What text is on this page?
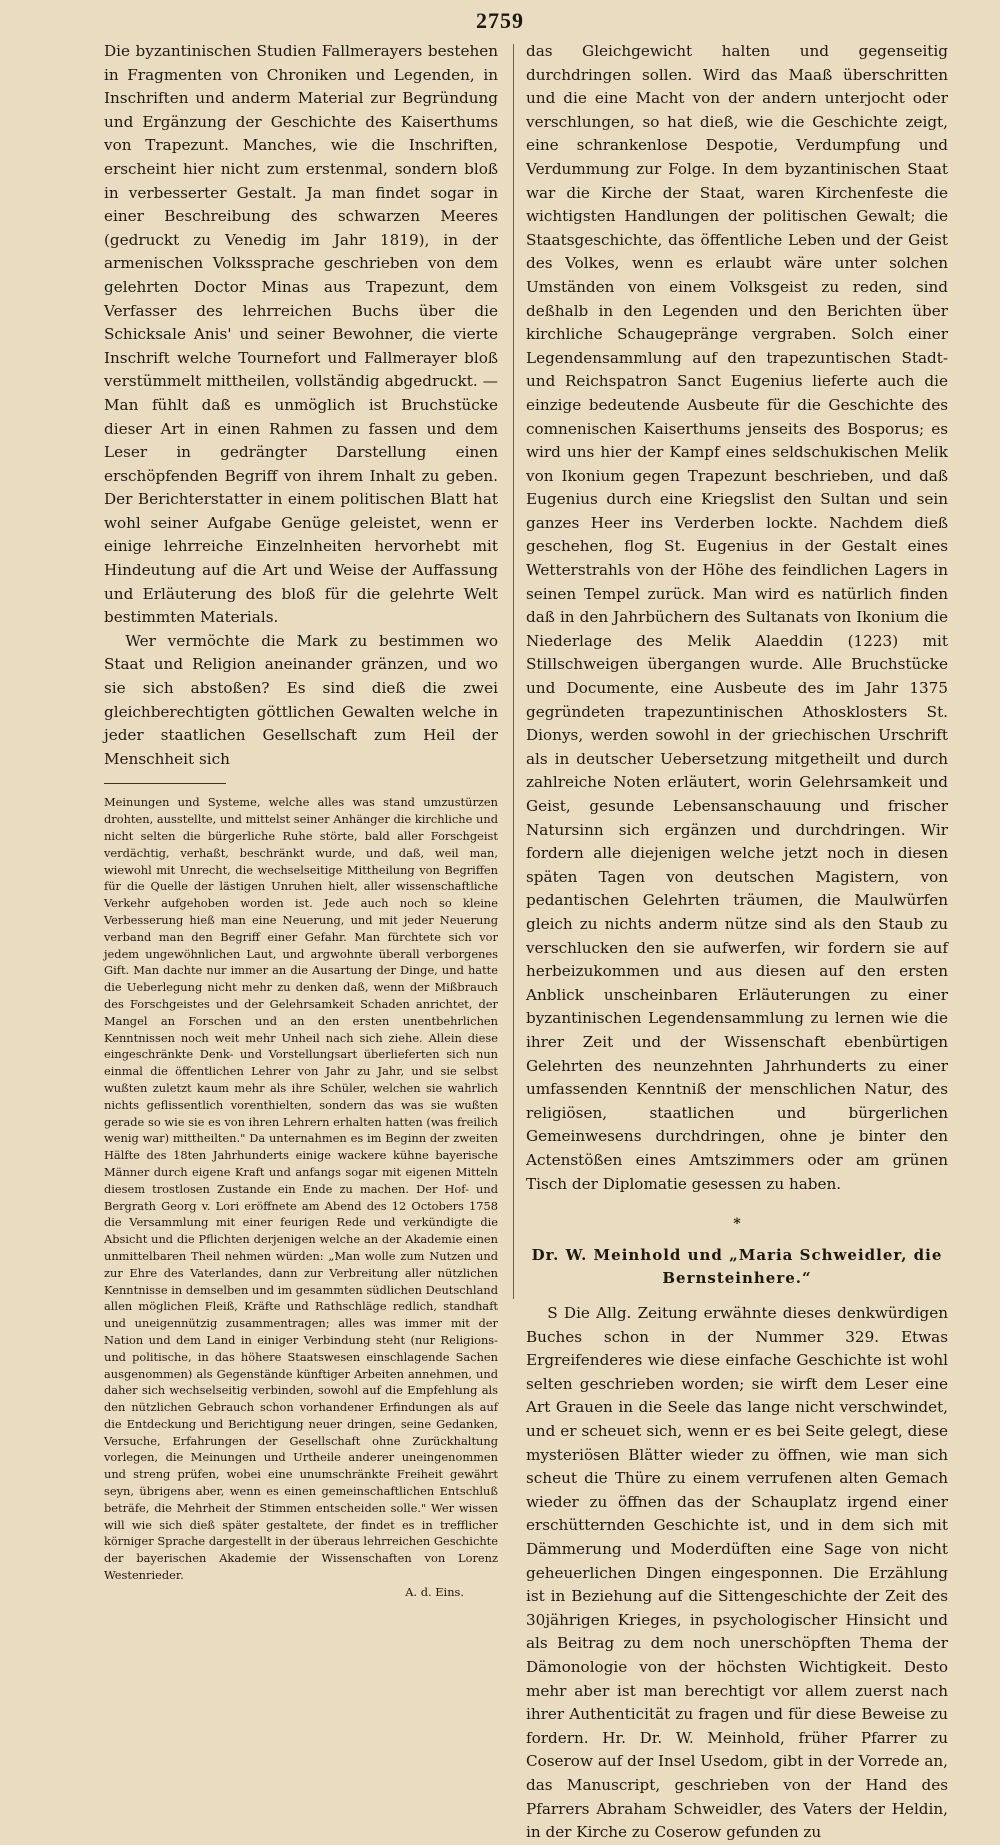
2759

Die byzantinischen Studien Fallmerayers bestehen in Fragmenten von Chroniken und Legenden, in Inschriften und anderm Material zur Begründung und Ergänzung der Geschichte des Kaiserthums von Trapezunt. Manches, wie die Inschriften, erscheint hier nicht zum erstenmal, sondern bloß in verbesserter Gestalt. Ja man findet sogar in einer Beschreibung des schwarzen Meeres (gedruckt zu Venedig im Jahr 1819), in der armenischen Volkssprache geschrieben von dem gelehrten Doctor Minas aus Trapezunt, dem Verfasser des lehrreichen Buchs über die Schicksale Anis' und seiner Bewohner, die vierte Inschrift welche Tournefort und Fallmerayer bloß verstümmelt mittheilen, vollständig abgedruckt. — Man fühlt daß es unmöglich ist Bruchstücke dieser Art in einen Rahmen zu fassen und dem Leser in gedrängter Darstellung einen erschöpfenden Begriff von ihrem Inhalt zu geben. Der Berichterstatter in einem politischen Blatt hat wohl seiner Aufgabe Genüge geleistet, wenn er einige lehrreiche Einzelnheiten hervorhebt mit Hindeutung auf die Art und Weise der Auffassung und Erläuterung des bloß für die gelehrte Welt bestimmten Materials.

Wer vermöchte die Mark zu bestimmen wo Staat und Religion aneinander gränzen, und wo sie sich abstoßen? Es sind dieß die zwei gleichberechtigten göttlichen Gewalten welche in jeder staatlichen Gesellschaft zum Heil der Menschheit sich

Meinungen und Systeme, welche alles was stand umzustürzen drohten, ausstellte, und mittelst seiner Anhänger die kirchliche und nicht selten die bürgerliche Ruhe störte, bald aller Forschgeist verdächtig, verhaßt, beschränkt wurde, und daß, weil man, wiewohl mit Unrecht, die wechselseitige Mittheilung von Begriffen für die Quelle der lästigen Unruhen hielt, aller wissenschaftliche Verkehr aufgehoben worden ist. Jede auch noch so kleine Verbesserung hieß man eine Neuerung, und mit jeder Neuerung verband man den Begriff einer Gefahr. Man fürchtete sich vor jedem ungewöhnlichen Laut, und argwohnte überall verborgenes Gift. Man dachte nur immer an die Ausartung der Dinge, und hatte die Ueberlegung nicht mehr zu denken daß, wenn der Mißbrauch des Forschgeistes und der Gelehrsamkeit Schaden anrichtet, der Mangel an Forschen und an den ersten unentbehrlichen Kenntnissen noch weit mehr Unheil nach sich ziehe. Allein diese eingeschränkte Denk- und Vorstellungsart überlieferten sich nun einmal die öffentlichen Lehrer von Jahr zu Jahr, und sie selbst wußten zuletzt kaum mehr als ihre Schüler, welchen sie wahrlich nichts geflissentlich vorenthielten, sondern das was sie wußten gerade so wie sie es von ihren Lehrern erhalten hatten (was freilich wenig war) mittheilten." Da unternahmen es im Beginn der zweiten Hälfte des 18ten Jahrhunderts einige wackere kühne bayerische Männer durch eigene Kraft und anfangs sogar mit eigenen Mitteln diesem trostlosen Zustande ein Ende zu machen. Der Hof- und Bergrath Georg v. Lori eröffnete am Abend des 12 Octobers 1758 die Versammlung mit einer feurigen Rede und verkündigte die Absicht und die Pflichten derjenigen welche an der Akademie einen unmittelbaren Theil nehmen würden: „Man wolle zum Nutzen und zur Ehre des Vaterlandes, dann zur Verbreitung aller nützlichen Kenntnisse in demselben und im gesammten südlichen Deutschland allen möglichen Fleiß, Kräfte und Rathschläge redlich, standhaft und uneigennützig zusammentragen; alles was immer mit der Nation und dem Land in einiger Verbindung steht (nur Religions- und politische, in das höhere Staatswesen einschlagende Sachen ausgenommen) als Gegenstände künftiger Arbeiten annehmen, und daher sich wechselseitig verbinden, sowohl auf die Empfehlung als den nützlichen Gebrauch schon vorhandener Erfindungen als auf die Entdeckung und Berichtigung neuer dringen, seine Gedanken, Versuche, Erfahrungen der Gesellschaft ohne Zurückhaltung vorlegen, die Meinungen und Urtheile anderer uneingenommen und streng prüfen, wobei eine unumschränkte Freiheit gewährt seyn, übrigens aber, wenn es einen gemeinschaftlichen Entschluß beträfe, die Mehrheit der Stimmen entscheiden solle." Wer wissen will wie sich dieß später gestaltete, der findet es in trefflicher körniger Sprache dargestellt in der überaus lehrreichen Geschichte der bayerischen Akademie der Wissenschaften von Lorenz Westenrieder.

A. d. Eins.

das Gleichgewicht halten und gegenseitig durchdringen sollen. Wird das Maaß überschritten und die eine Macht von der andern unterjocht oder verschlungen, so hat dieß, wie die Geschichte zeigt, eine schrankenlose Despotie, Verdumpfung und Verdummung zur Folge. In dem byzantinischen Staat war die Kirche der Staat, waren Kirchenfeste die wichtigsten Handlungen der politischen Gewalt; die Staatsgeschichte, das öffentliche Leben und der Geist des Volkes, wenn es erlaubt wäre unter solchen Umständen von einem Volksgeist zu reden, sind deßhalb in den Legenden und den Berichten über kirchliche Schaugepränge vergraben. Solch einer Legendensammlung auf den trapezuntischen Stadt- und Reichspatron Sanct Eugenius lieferte auch die einzige bedeutende Ausbeute für die Geschichte des comnenischen Kaiserthums jenseits des Bosporus; es wird uns hier der Kampf eines seldschukischen Melik von Ikonium gegen Trapezunt beschrieben, und daß Eugenius durch eine Kriegslist den Sultan und sein ganzes Heer ins Verderben lockte. Nachdem dieß geschehen, flog St. Eugenius in der Gestalt eines Wetterstrahls von der Höhe des feindlichen Lagers in seinen Tempel zurück. Man wird es natürlich finden daß in den Jahrbüchern des Sultanats von Ikonium die Niederlage des Melik Alaeddin (1223) mit Stillschweigen übergangen wurde. Alle Bruchstücke und Documente, eine Ausbeute des im Jahr 1375 gegründeten trapezuntinischen Athosklosters St. Dionys, werden sowohl in der griechischen Urschrift als in deutscher Uebersetzung mitgetheilt und durch zahlreiche Noten erläutert, worin Gelehrsamkeit und Geist, gesunde Lebensanschauung und frischer Natursinn sich ergänzen und durchdringen. Wir fordern alle diejenigen welche jetzt noch in diesen späten Tagen von deutschen Magistern, von pedantischen Gelehrten träumen, die Maulwürfen gleich zu nichts anderm nütze sind als den Staub zu verschlucken den sie aufwerfen, wir fordern sie auf herbeizukommen und aus diesen auf den ersten Anblick unscheinbaren Erläuterungen zu einer byzantinischen Legendensammlung zu lernen wie die ihrer Zeit und der Wissenschaft ebenbürtigen Gelehrten des neunzehnten Jahrhunderts zu einer umfassenden Kenntniß der menschlichen Natur, des religiösen, staatlichen und bürgerlichen Gemeinwesens durchdringen, ohne je binter den Actenstößen eines Amtszimmers oder am grünen Tisch der Diplomatie gesessen zu haben.

*
Dr. W. Meinhold und „Maria Schweidler, die Bernsteinhere.“

S Die Allg. Zeitung erwähnte dieses denkwürdigen Buches schon in der Nummer 329. Etwas Ergreifenderes wie diese einfache Geschichte ist wohl selten geschrieben worden; sie wirft dem Leser eine Art Grauen in die Seele das lange nicht verschwindet, und er scheuet sich, wenn er es bei Seite gelegt, diese mysteriösen Blätter wieder zu öffnen, wie man sich scheut die Thüre zu einem verrufenen alten Gemach wieder zu öffnen das der Schauplatz irgend einer erschütternden Geschichte ist, und in dem sich mit Dämmerung und Moderdüften eine Sage von nicht geheuerlichen Dingen eingesponnen. Die Erzählung ist in Beziehung auf die Sittengeschichte der Zeit des 30jährigen Krieges, in psychologischer Hinsicht und als Beitrag zu dem noch unerschöpften Thema der Dämonologie von der höchsten Wichtigkeit. Desto mehr aber ist man berechtigt vor allem zuerst nach ihrer Authenticität zu fragen und für diese Beweise zu fordern. Hr. Dr. W. Meinhold, früher Pfarrer zu Coserow auf der Insel Usedom, gibt in der Vorrede an, das Manuscript, geschrieben von der Hand des Pfarrers Abraham Schweidler, des Vaters der Heldin, in der Kirche zu Coserow gefunden zu
